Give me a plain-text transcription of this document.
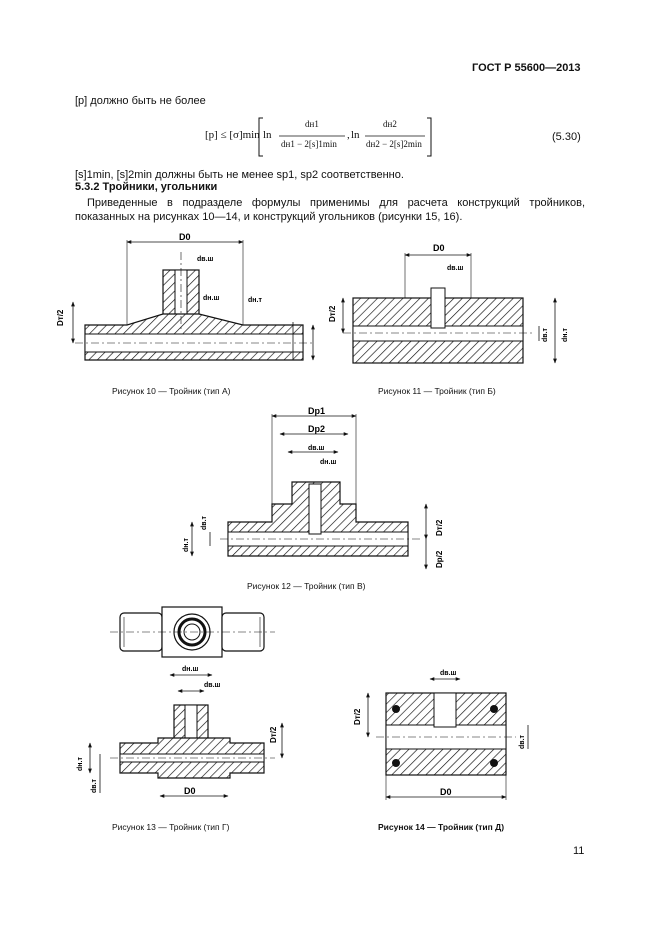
ГОСТ Р 55600—2013
[p] должно быть не более
[p] ≤ [σ]min ln
dн1
dн1 − 2[s]1min
, ln
dн2
dн2 − 2[s]2min
(5.30)
[s]1min, [s]2min должны быть не менее sp1, sp2 соответственно.
5.3.2 Тройники, угольники
Приведенные в подразделе формулы применимы для расчета конструкций тройников, показанных на рисунках 10—14, и конструкций угольников (рисунки 15, 16).
D0
dв.ш
dн.ш	dн.т
Dт/2
Рисунок 10 — Тройник (тип А)
D0
dв.ш
Dт/2
dв.т dн.т
Рисунок 11 — Тройник (тип Б)
Dр1
Dр2
dв.ш
dн.ш
dн.т
dв.т	Dт/2
Dр/2
Рисунок 12 — Тройник (тип В)
dн.ш
dв.ш
D0
dн.т
dв.т
Dт/2
Рисунок 13 — Тройник (тип Г)
dв.ш
D0
Dт/2
dв.т
Рисунок 14 — Тройник (тип Д)
11
